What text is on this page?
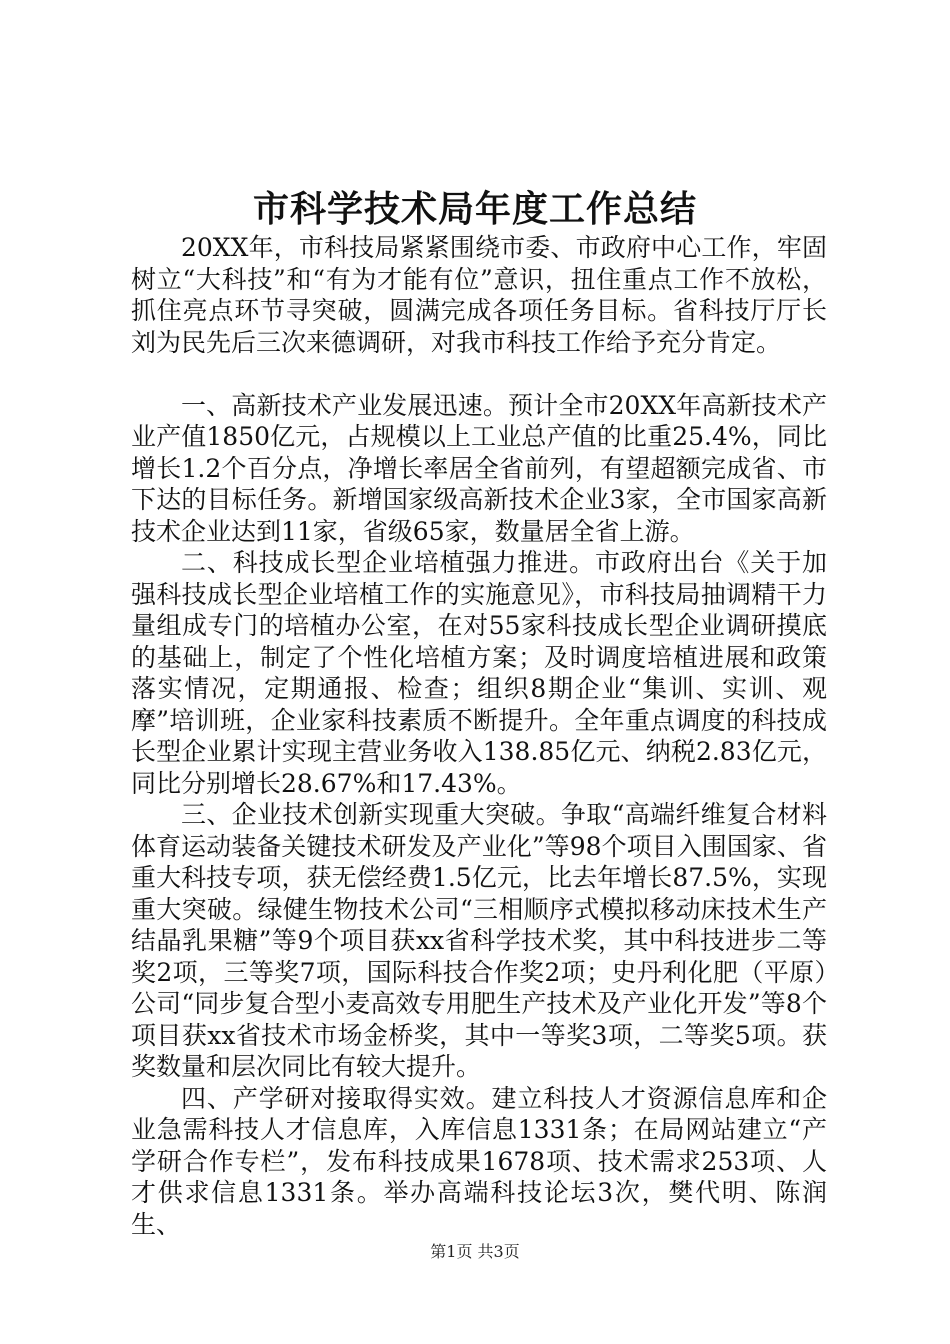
市科学技术局年度工作总结

20XX年，市科技局紧紧围绕市委、市政府中心工作，牢固树立“大科技”和“有为才能有位”意识，扭住重点工作不放松，抓住亮点环节寻突破，圆满完成各项任务目标。省科技厅厅长刘为民先后三次来德调研，对我市科技工作给予充分肯定。

一、高新技术产业发展迅速。预计全市20XX年高新技术产业产值1850亿元，占规模以上工业总产值的比重25.4%，同比增长1.2个百分点，净增长率居全省前列，有望超额完成省、市下达的目标任务。新增国家级高新技术企业3家，全市国家高新技术企业达到11家，省级65家，数量居全省上游。

二、科技成长型企业培植强力推进。市政府出台《关于加强科技成长型企业培植工作的实施意见》，市科技局抽调精干力量组成专门的培植办公室，在对55家科技成长型企业调研摸底的基础上，制定了个性化培植方案；及时调度培植进展和政策落实情况，定期通报、检查；组织8期企业“集训、实训、观摩”培训班，企业家科技素质不断提升。全年重点调度的科技成长型企业累计实现主营业务收入138.85亿元、纳税2.83亿元，同比分别增长28.67%和17.43%。

三、企业技术创新实现重大突破。争取“高端纤维复合材料体育运动装备关键技术研发及产业化”等98个项目入围国家、省重大科技专项，获无偿经费1.5亿元，比去年增长87.5%，实现重大突破。绿健生物技术公司“三相顺序式模拟移动床技术生产结晶乳果糖”等9个项目获xx省科学技术奖，其中科技进步二等奖2项，三等奖7项，国际科技合作奖2项；史丹利化肥（平原）公司“同步复合型小麦高效专用肥生产技术及产业化开发”等8个项目获xx省技术市场金桥奖，其中一等奖3项，二等奖5项。获奖数量和层次同比有较大提升。

四、产学研对接取得实效。建立科技人才资源信息库和企业急需科技人才信息库，入库信息1331条；在局网站建立“产学研合作专栏”，发布科技成果1678项、技术需求253项、人才供求信息1331条。举办高端科技论坛3次，樊代明、陈润生、

第1页 共3页
